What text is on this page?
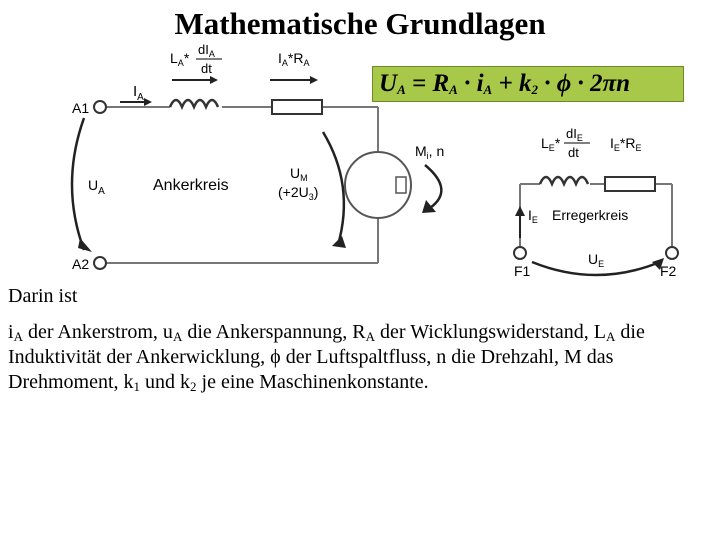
Mathematische Grundlagen
A1
A2
$I_A$
$U_A$	Ankerkreis
$L_A*$
$dI_A$
dt
$I_A*R_A$
$U_M$
$(+2U_3)$
$M_i$, n	$L_E*$
$dI_E$
dt
$I_E*R_E$
$I_E$ Erregerkreis
$U_E$
F1	F2
$U_A = R_A \cdot i_A + k_2 \cdot \phi \cdot 2\pi n$
Darin ist
$i_A$ der Ankerstrom, $u_A$ die Ankerspannung, $R_A$ der Wicklungswiderstand, $L_A$ die Induktivität der Ankerwicklung, ϕ der Luftspaltfluss, n die Drehzahl, M das Drehmoment, $k_1$ und $k_2$ je eine Maschinenkonstante.
